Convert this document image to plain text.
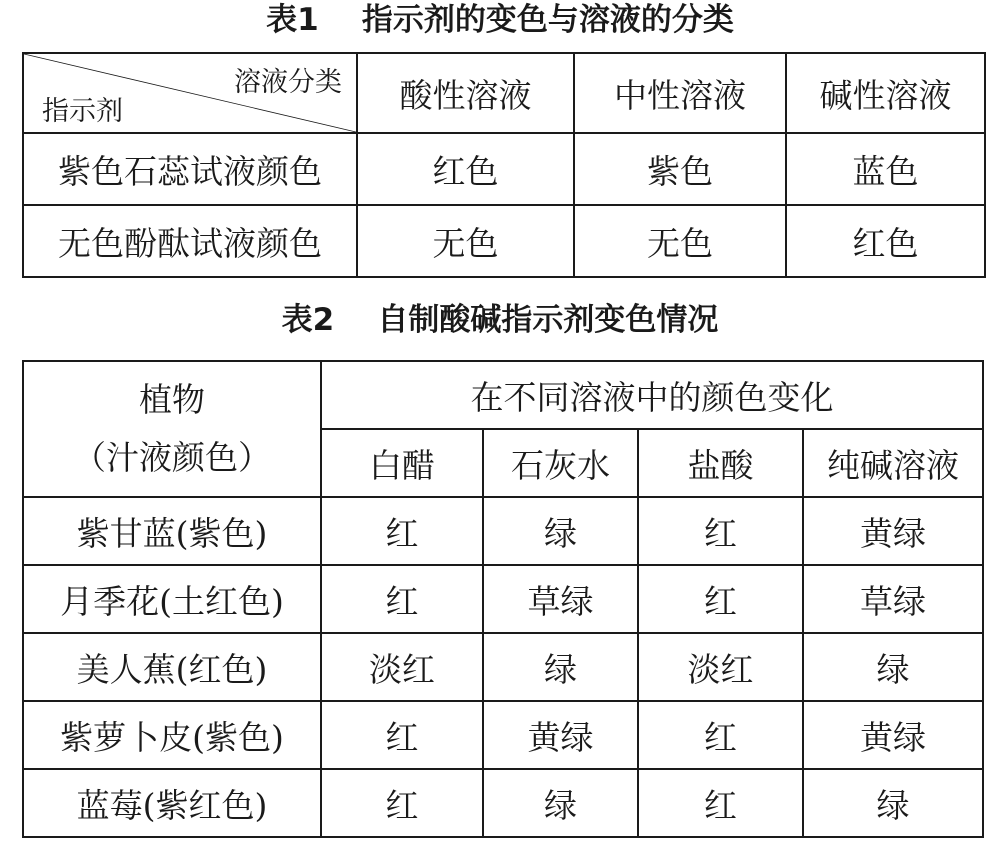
表1    指示剂的变色与溶液的分类
溶液分类
指示剂	酸性溶液	中性溶液	碱性溶液
紫色石蕊试液颜色	红色	紫色	蓝色
无色酚酞试液颜色	无色	无色	红色
表2    自制酸碱指示剂变色情况
植物
（汁液颜色）	在不同溶液中的颜色变化			
	白醋	石灰水	盐酸	纯碱溶液
紫甘蓝(紫色)	红	绿	红	黄绿
月季花(土红色)	红	草绿	红	草绿
美人蕉(红色)	淡红	绿	淡红	绿
紫萝卜皮(紫色)	红	黄绿	红	黄绿
蓝莓(紫红色)	红	绿	红	绿
